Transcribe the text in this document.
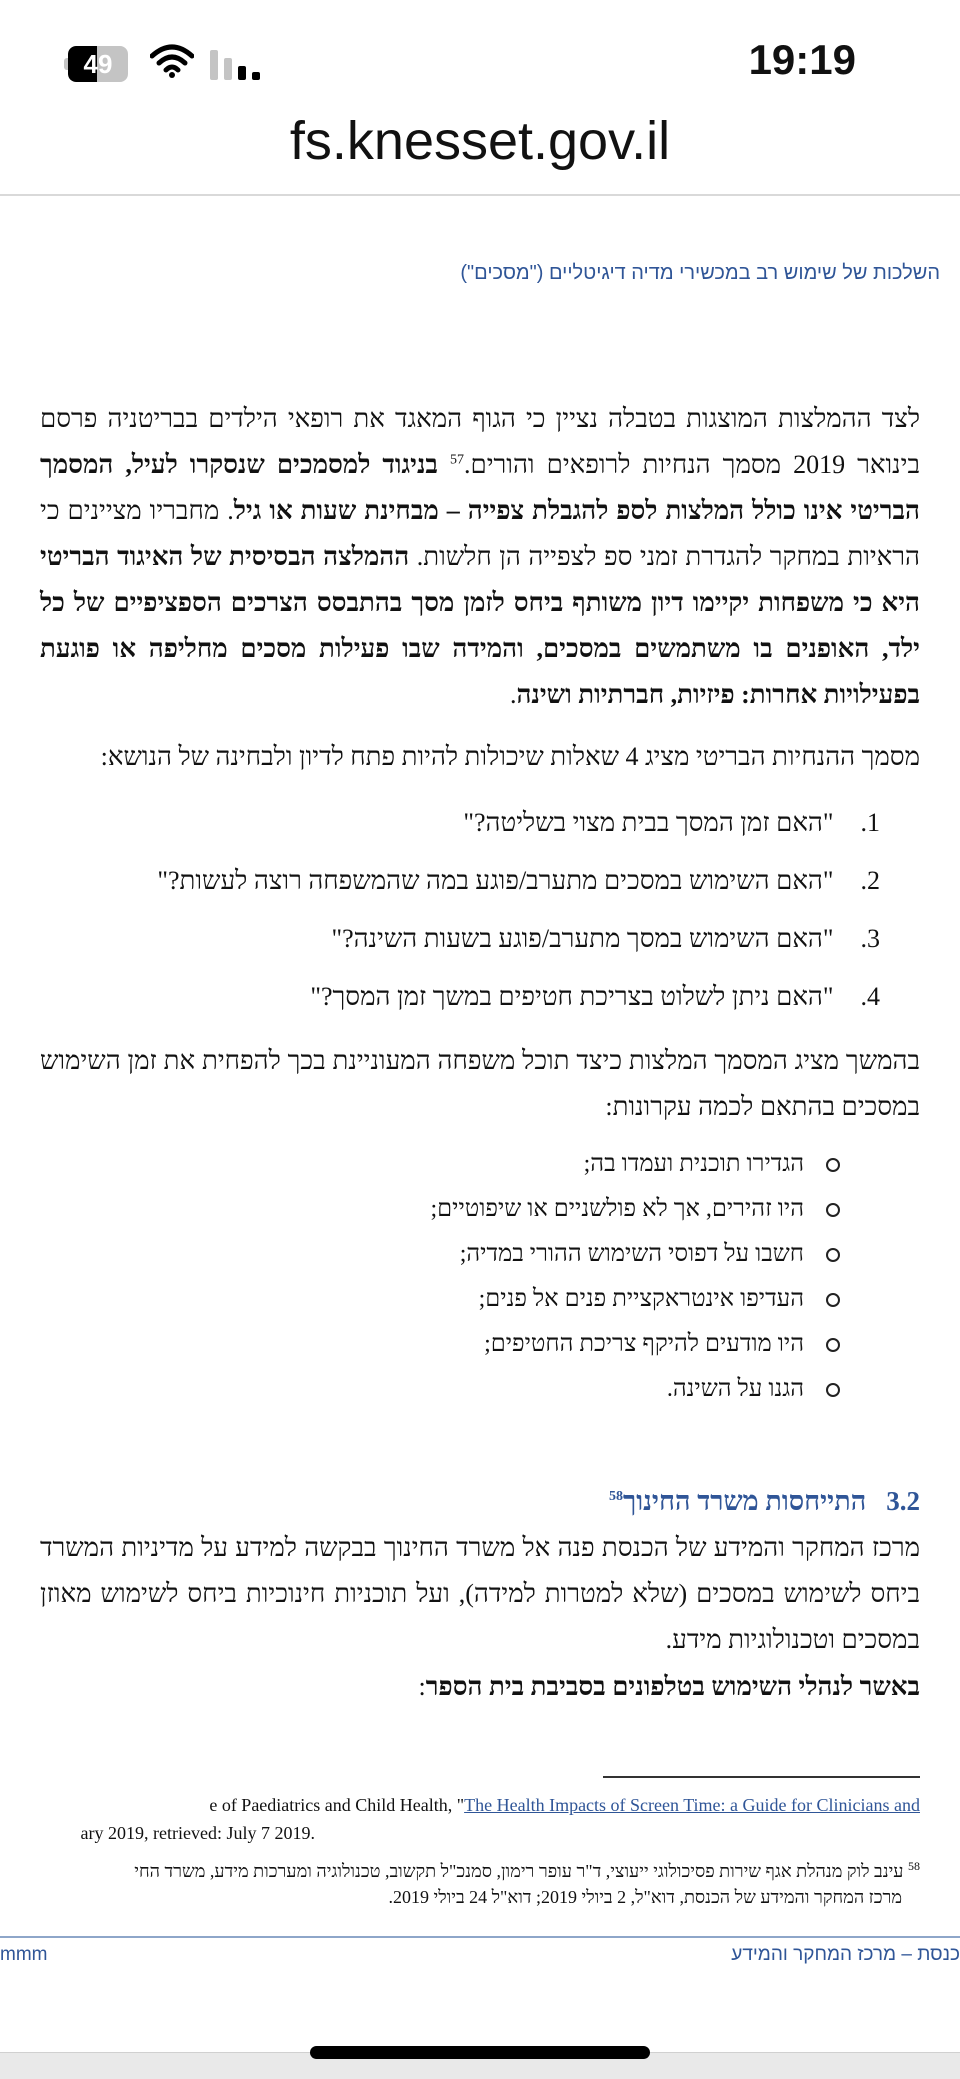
49	19:19
fs.knesset.gov.il
השלכות של שימוש רב במכשירי מדיה דיגיטליים ("מסכים")

לצד ההמלצות המוצגות בטבלה נציין כי הגוף המאגד את רופאי הילדים בבריטניה פרסם בינואר 2019 מסמך הנחיות לרופאים והורים.$^{57}$ בניגוד למסמכים שנסקרו לעיל, המסמך הבריטי אינו כולל המלצות לספ להגבלת צפייה – מבחינת שעות או גיל. מחבריו מציינים כי הראיות במחקר להגדרת זמני ספ לצפייה הן חלשות. ההמלצה הבסיסית של האיגוד הבריטי היא כי משפחות יקיימו דיון משותף ביחס לזמן מסך בהתבסס הצרכים הספציפיים של כל ילד, האופנים בו משתמשים במסכים, והמידה שבו פעילות מסכים מחליפה או פוגעת בפעילויות אחרות: פיזיות, חברתיות ושינה.

מסמך ההנחיות הבריטי מציג 4 שאלות שיכולות להיות פתח לדיון ולבחינה של הנושא:

1. "האם זמן המסך בבית מצוי בשליטה?"
2. "האם השימוש במסכים מתערב/פוגע במה שהמשפחה רוצה לעשות?"
3. "האם השימוש במסך מתערב/פוגע בשעות השינה?"
4. "האם ניתן לשלוט בצריכת חטיפים במשך זמן המסך?"

בהמשך מציג המסמך המלצות כיצד תוכל משפחה המעוניינת בכך להפחית את זמן השימוש במסכים בהתאם לכמה עקרונות:

הגדירו תוכנית ועמדו בה;
היו זהירים, אך לא פולשניים או שיפוטיים;
חשבו על דפוסי השימוש ההורי במדיה;
העדיפו אינטראקציית פנים אל פנים;
היו מודעים להיקף צריכת החטיפים;
הגנו על השינה.
3.2התייחסות משרד החינוך$^{58}$

מרכז המחקר והמידע של הכנסת פנה אל משרד החינוך בבקשה למידע על מדיניות המשרד ביחס לשימוש במסכים (שלא למטרות למידה), ועל תוכניות חינוכיות ביחס לשימוש מאוזן במסכים וטכנולוגיות מידע.

באשר לנהלי השימוש בטלפונים בסביבת בית הספר:

e of Paediatrics and Child Health, "The Health Impacts of Screen Time: a Guide for Clinicians and
ary 2019, retrieved: July 7 2019.
$^{58}$ עינב לוק מנהלת אגף שירות פסיכולוגי ייעוצי, ד"ר עופר רימון, סמנכ"ל תקשוב, טכנולוגיה ומערכות מידע, משרד החי
מרכז המחקר והמידע של הכנסת, דוא"ל, 2 ביולי 2019; דוא"ל 24 ביולי 2019.
mmm	כנסת – מרכז המחקר והמידע
